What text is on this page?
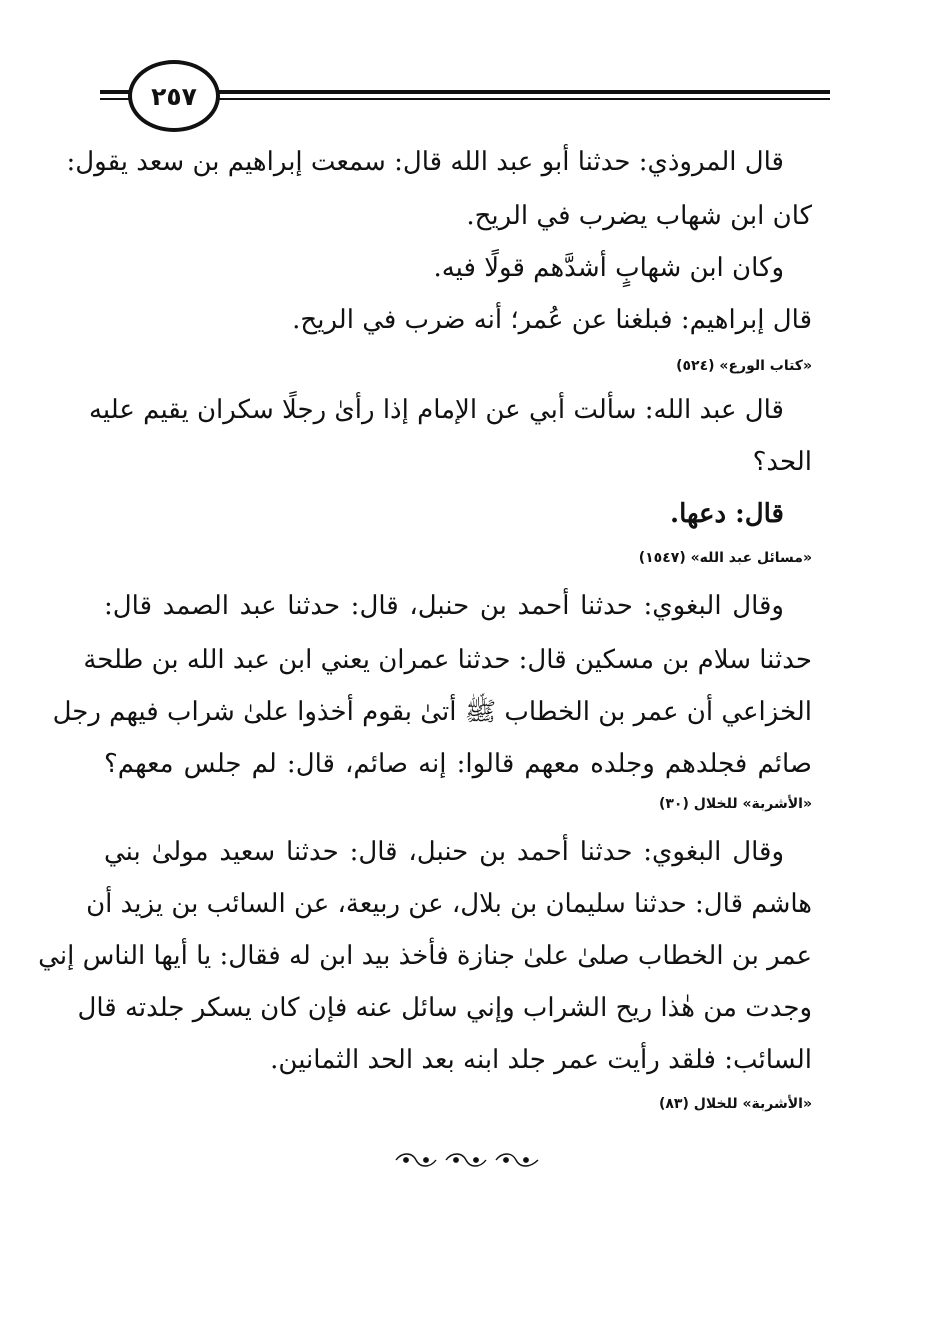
٢٥٧
قال المروذي: حدثنا أبو عبد الله قال: سمعت إبراهيم بن سعد يقول:
كان ابن شهاب يضرب في الريح.
وكان ابن شهابٍ أشدَّهم قولًا فيه.
قال إبراهيم: فبلغنا عن عُمر؛ أنه ضرب في الريح.
«كتاب الورع» (٥٢٤)
قال عبد الله: سألت أبي عن الإمام إذا رأىٰ رجلًا سكران يقيم عليه
الحد؟
قال: دعها.
«مسائل عبد الله» (١٥٤٧)
وقال البغوي: حدثنا أحمد بن حنبل، قال: حدثنا عبد الصمد قال:
حدثنا سلام بن مسكين قال: حدثنا عمران يعني ابن عبد الله بن طلحة
الخزاعي أن عمر بن الخطاب ﷺ أتىٰ بقوم أخذوا علىٰ شراب فيهم رجل
صائم فجلدهم وجلده معهم قالوا: إنه صائم، قال: لم جلس معهم؟
«الأشربة» للخلال (٣٠)
وقال البغوي: حدثنا أحمد بن حنبل، قال: حدثنا سعيد مولىٰ بني
هاشم قال: حدثنا سليمان بن بلال، عن ربيعة، عن السائب بن يزيد أن
عمر بن الخطاب صلىٰ علىٰ جنازة فأخذ بيد ابن له فقال: يا أيها الناس إني
وجدت من هٰذا ريح الشراب وإني سائل عنه فإن كان يسكر جلدته قال
السائب: فلقد رأيت عمر جلد ابنه بعد الحد الثمانين.
«الأشربة» للخلال (٨٣)
